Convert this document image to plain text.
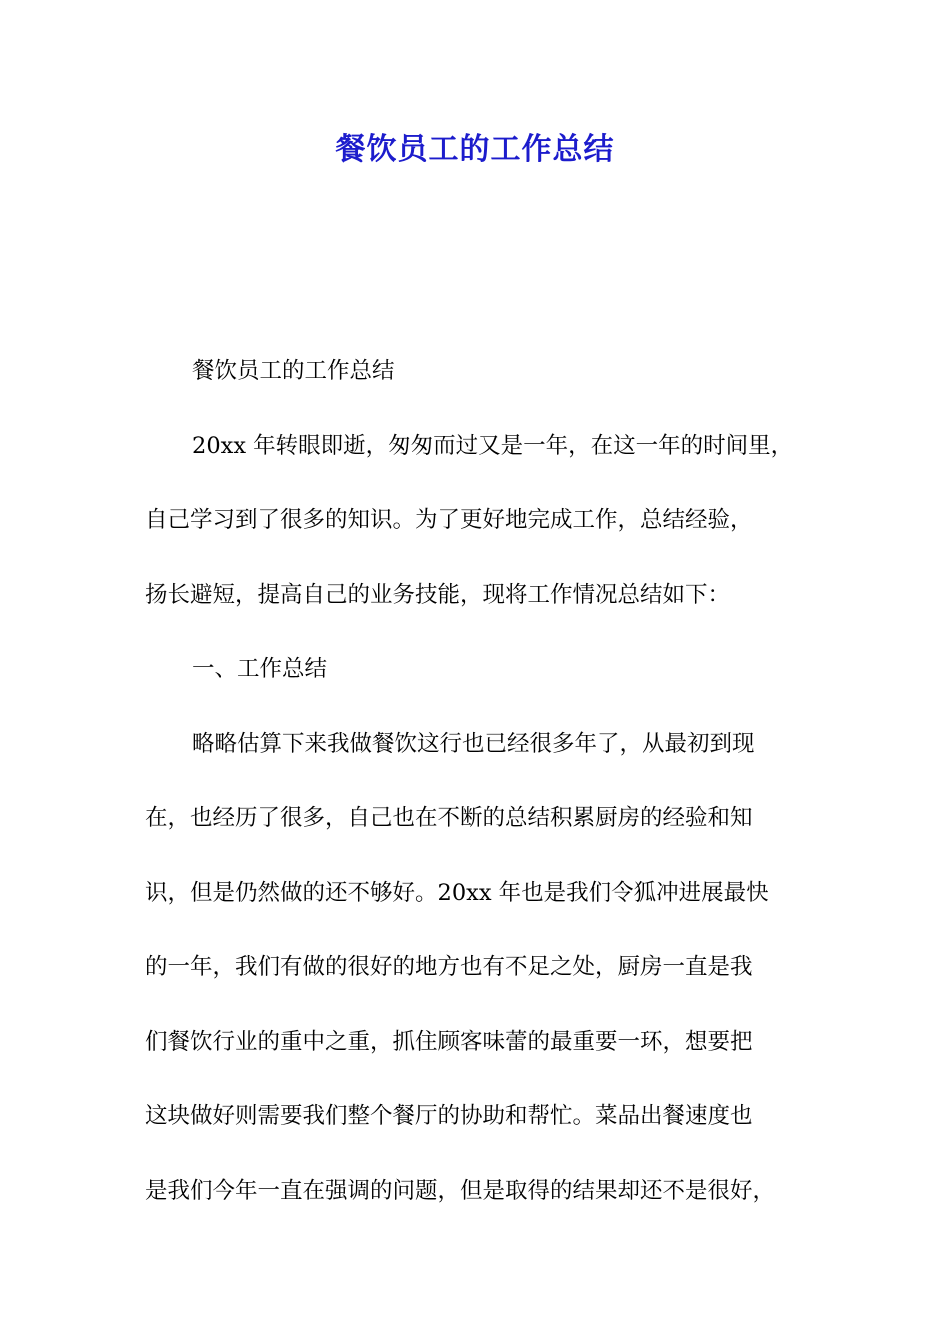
餐饮员工的工作总结
餐饮员工的工作总结
20xx 年转眼即逝，匆匆而过又是一年，在这一年的时间里，
自己学习到了很多的知识。为了更好地完成工作，总结经验，
扬长避短，提高自己的业务技能，现将工作情况总结如下：
一、工作总结
略略估算下来我做餐饮这行也已经很多年了，从最初到现
在，也经历了很多，自己也在不断的总结积累厨房的经验和知
识，但是仍然做的还不够好。20xx 年也是我们令狐冲进展最快
的一年，我们有做的很好的地方也有不足之处，厨房一直是我
们餐饮行业的重中之重，抓住顾客味蕾的最重要一环，想要把
这块做好则需要我们整个餐厅的协助和帮忙。菜品出餐速度也
是我们今年一直在强调的问题，但是取得的结果却还不是很好，
